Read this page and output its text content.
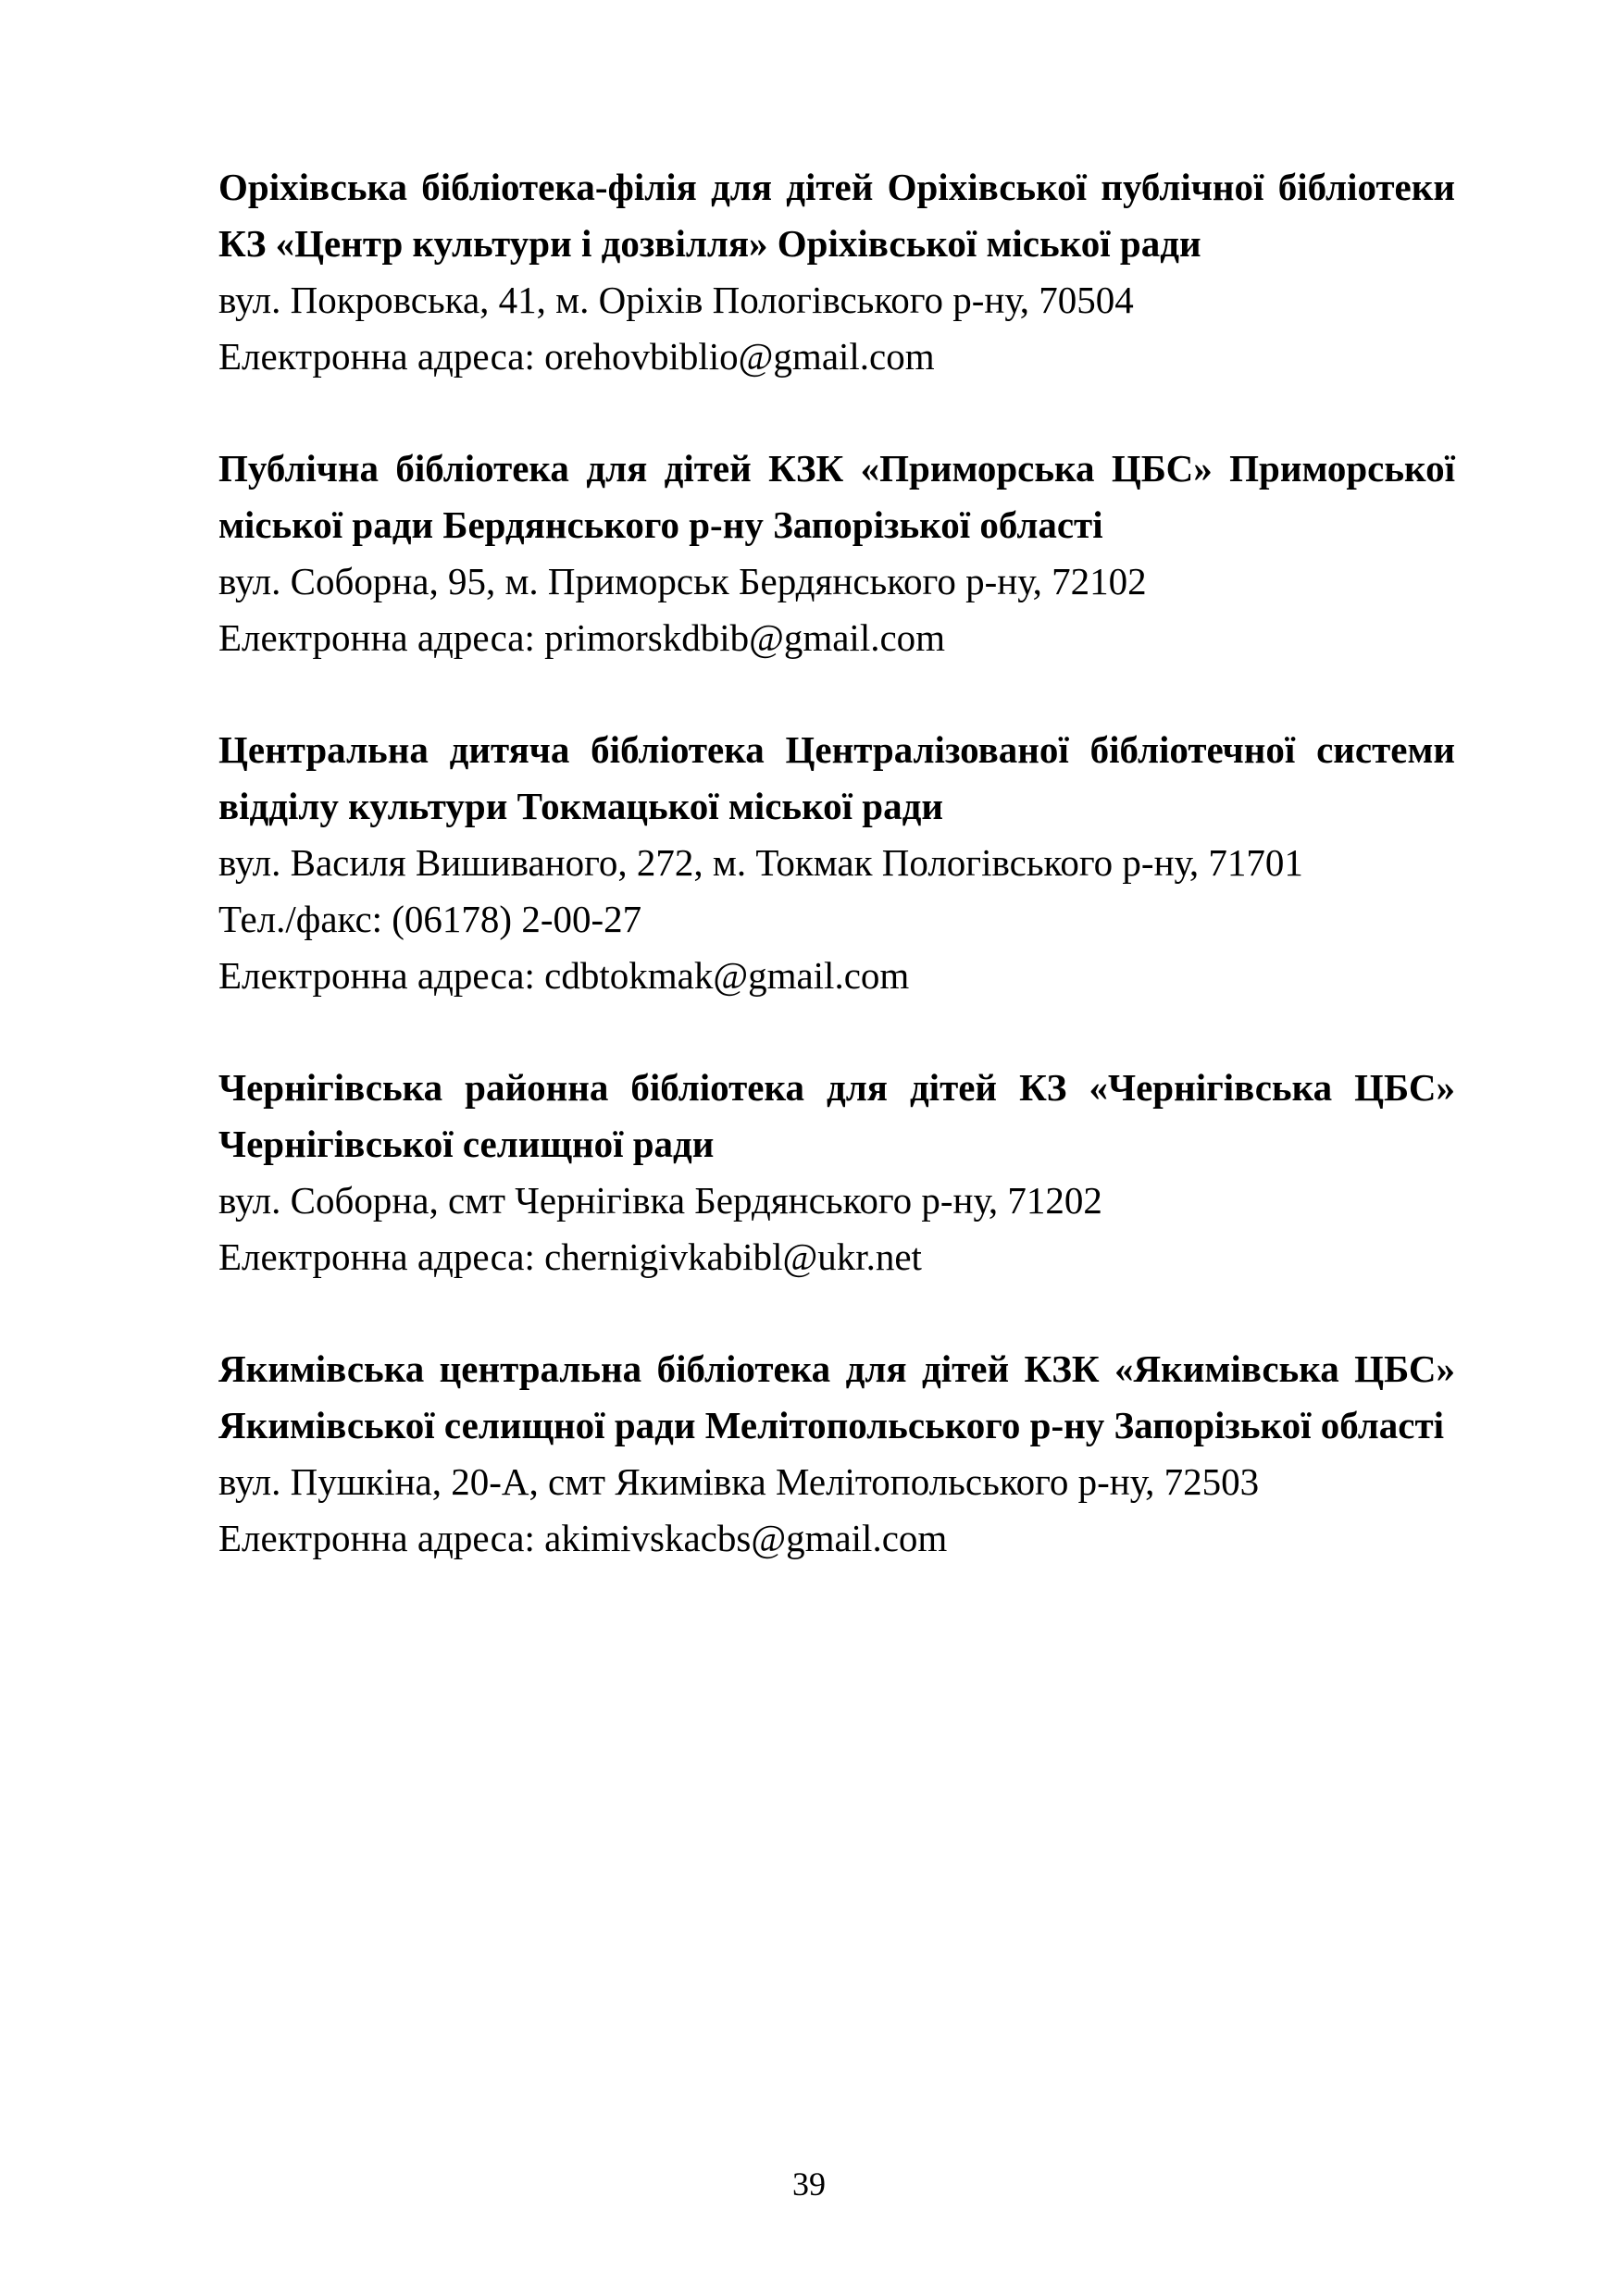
Оріхівська бібліотека-філія для дітей Оріхівської публічної бібліотеки КЗ «Центр культури і дозвілля» Оріхівської міської ради

вул. Покровська, 41, м. Оріхів Пологівського р-ну, 70504

Електронна адреса: orehovbiblio@gmail.com

Публічна бібліотека для дітей КЗК «Приморська ЦБС» Приморської міської ради Бердянського р-ну Запорізької області

вул. Соборна, 95, м. Приморськ Бердянського р-ну, 72102

Електронна адреса: primorskdbib@gmail.com

Центральна дитяча бібліотека Централізованої бібліотечної системи відділу культури Токмацької міської ради

вул. Василя Вишиваного, 272, м. Токмак Пологівського р-ну, 71701

Тел./факс: (06178) 2-00-27

Електронна адреса: cdbtokmak@gmail.com

Чернігівська районна бібліотека для дітей КЗ «Чернігівська ЦБС» Чернігівської селищної ради

вул. Соборна, смт Чернігівка Бердянського р-ну, 71202

Електронна адреса: chernigivkabibl@ukr.net

Якимівська центральна бібліотека для дітей КЗК «Якимівська ЦБС» Якимівської селищної ради Мелітопольського р-ну Запорізької області

вул. Пушкіна, 20-А, смт Якимівка Мелітопольського р-ну, 72503

Електронна адреса: akimivskacbs@gmail.com

39
